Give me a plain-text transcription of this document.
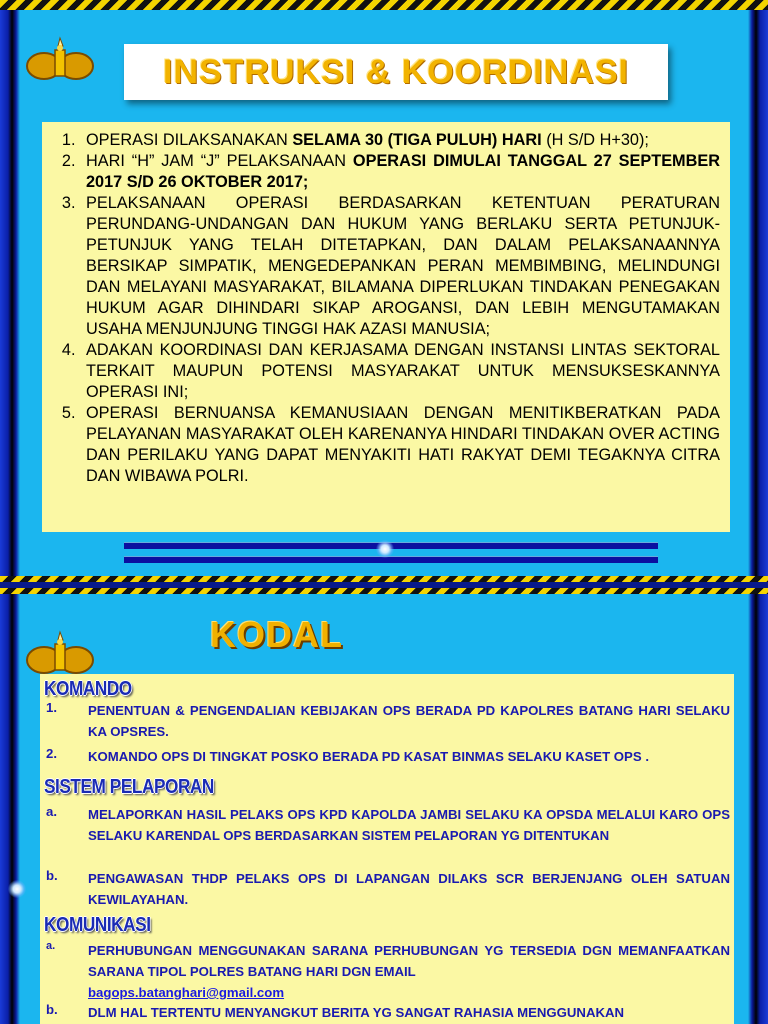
INSTRUKSI & KOORDINASI
1. OPERASI DILAKSANAKAN SELAMA 30 (TIGA PULUH) HARI (H S/D H+30);
2. HARI “H” JAM “J” PELAKSANAAN OPERASI DIMULAI TANGGAL 27 SEPTEMBER 2017 S/D 26 OKTOBER 2017;
3. PELAKSANAAN OPERASI BERDASARKAN KETENTUAN PERATURAN PERUNDANG-UNDANGAN DAN HUKUM YANG BERLAKU SERTA PETUNJUK-PETUNJUK YANG TELAH DITETAPKAN, DAN DALAM PELAKSANAANNYA BERSIKAP SIMPATIK, MENGEDEPANKAN PERAN MEMBIMBING, MELINDUNGI DAN MELAYANI MASYARAKAT, BILAMANA DIPERLUKAN TINDAKAN PENEGAKAN HUKUM AGAR DIHINDARI SIKAP AROGANSI, DAN LEBIH MENGUTAMAKAN USAHA MENJUNJUNG TINGGI HAK AZASI MANUSIA;
4. ADAKAN KOORDINASI DAN KERJASAMA DENGAN INSTANSI LINTAS SEKTORAL TERKAIT MAUPUN POTENSI MASYARAKAT UNTUK MENSUKSESKANNYA OPERASI INI;
5. OPERASI BERNUANSA KEMANUSIAAN DENGAN MENITIKBERATKAN PADA PELAYANAN MASYARAKAT OLEH KARENANYA HINDARI TINDAKAN OVER ACTING DAN PERILAKU YANG DAPAT MENYAKITI HATI RAKYAT DEMI TEGAKNYA CITRA DAN WIBAWA POLRI.
KODAL
KOMANDO
1.	PENENTUAN & PENGENDALIAN KEBIJAKAN OPS BERADA PD KAPOLRES BATANG HARI SELAKU KA OPSRES.
2.	KOMANDO OPS DI TINGKAT POSKO BERADA PD KASAT BINMAS SELAKU KASET OPS .
SISTEM PELAPORAN
a.	MELAPORKAN HASIL PELAKS OPS KPD KAPOLDA JAMBI SELAKU KA OPSDA MELALUI KARO OPS SELAKU KARENDAL OPS BERDASARKAN SISTEM PELAPORAN YG DITENTUKAN
b.	PENGAWASAN THDP PELAKS OPS DI LAPANGAN DILAKS SCR BERJENJANG OLEH SATUAN KEWILAYAHAN.
KOMUNIKASI
a.	PERHUBUNGAN MENGGUNAKAN SARANA PERHUBUNGAN YG TERSEDIA DGN MEMANFAATKAN SARANA TIPOL POLRES BATANG HARI DGN EMAIL
bagops.batanghari@gmail.com
b.	DLM HAL TERTENTU MENYANGKUT BERITA YG SANGAT RAHASIA MENGGUNAKAN
